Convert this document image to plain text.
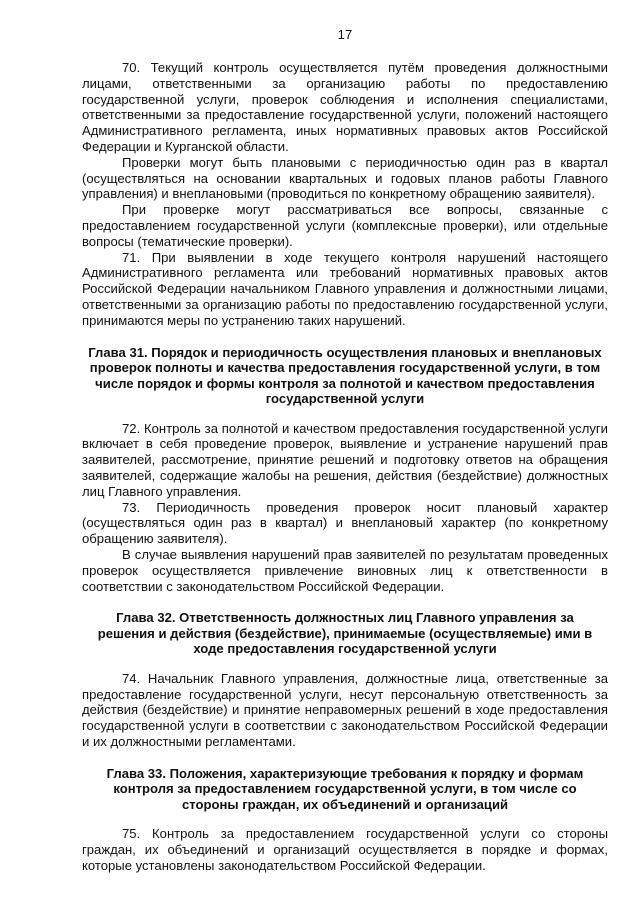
17

70. Текущий контроль осуществляется путём проведения должностными лицами, ответственными за организацию работы по предоставлению государственной услуги, проверок соблюдения и исполнения специалистами, ответственными за предоставление государственной услуги, положений настоящего Административного регламента, иных нормативных правовых актов Российской Федерации и Курганской области.

Проверки могут быть плановыми с периодичностью один раз в квартал (осуществляться на основании квартальных и годовых планов работы Главного управления) и внеплановыми (проводиться по конкретному обращению заявителя).

При проверке могут рассматриваться все вопросы, связанные с предоставлением государственной услуги (комплексные проверки), или отдельные вопросы (тематические проверки).

71. При выявлении в ходе текущего контроля нарушений настоящего Административного регламента или требований нормативных правовых актов Российской Федерации начальником Главного управления и должностными лицами, ответственными за организацию работы по предоставлению государственной услуги, принимаются меры по устранению таких нарушений.

Глава 31. Порядок и периодичность осуществления плановых и внеплановых проверок полноты и качества предоставления государственной услуги, в том числе порядок и формы контроля за полнотой и качеством предоставления государственной услуги

72. Контроль за полнотой и качеством предоставления государственной услуги включает в себя проведение проверок, выявление и устранение нарушений прав заявителей, рассмотрение, принятие решений и подготовку ответов на обращения заявителей, содержащие жалобы на решения, действия (бездействие) должностных лиц Главного управления.

73. Периодичность проведения проверок носит плановый характер (осуществляться один раз в квартал) и внеплановый характер (по конкретному обращению заявителя).

В случае выявления нарушений прав заявителей по результатам проведенных проверок осуществляется привлечение виновных лиц к ответственности в соответствии с законодательством Российской Федерации.

Глава 32. Ответственность должностных лиц Главного управления за решения и действия (бездействие), принимаемые (осуществляемые) ими в ходе предоставления государственной услуги

74. Начальник Главного управления, должностные лица, ответственные за предоставление государственной услуги, несут персональную ответственность за действия (бездействие) и принятие неправомерных решений в ходе предоставления государственной услуги в соответствии с законодательством Российской Федерации и их должностными регламентами.

Глава 33. Положения, характеризующие требования к порядку и формам контроля за предоставлением государственной услуги, в том числе со стороны граждан, их объединений и организаций

75. Контроль за предоставлением государственной услуги со стороны граждан, их объединений и организаций осуществляется в порядке и формах, которые установлены законодательством Российской Федерации.
